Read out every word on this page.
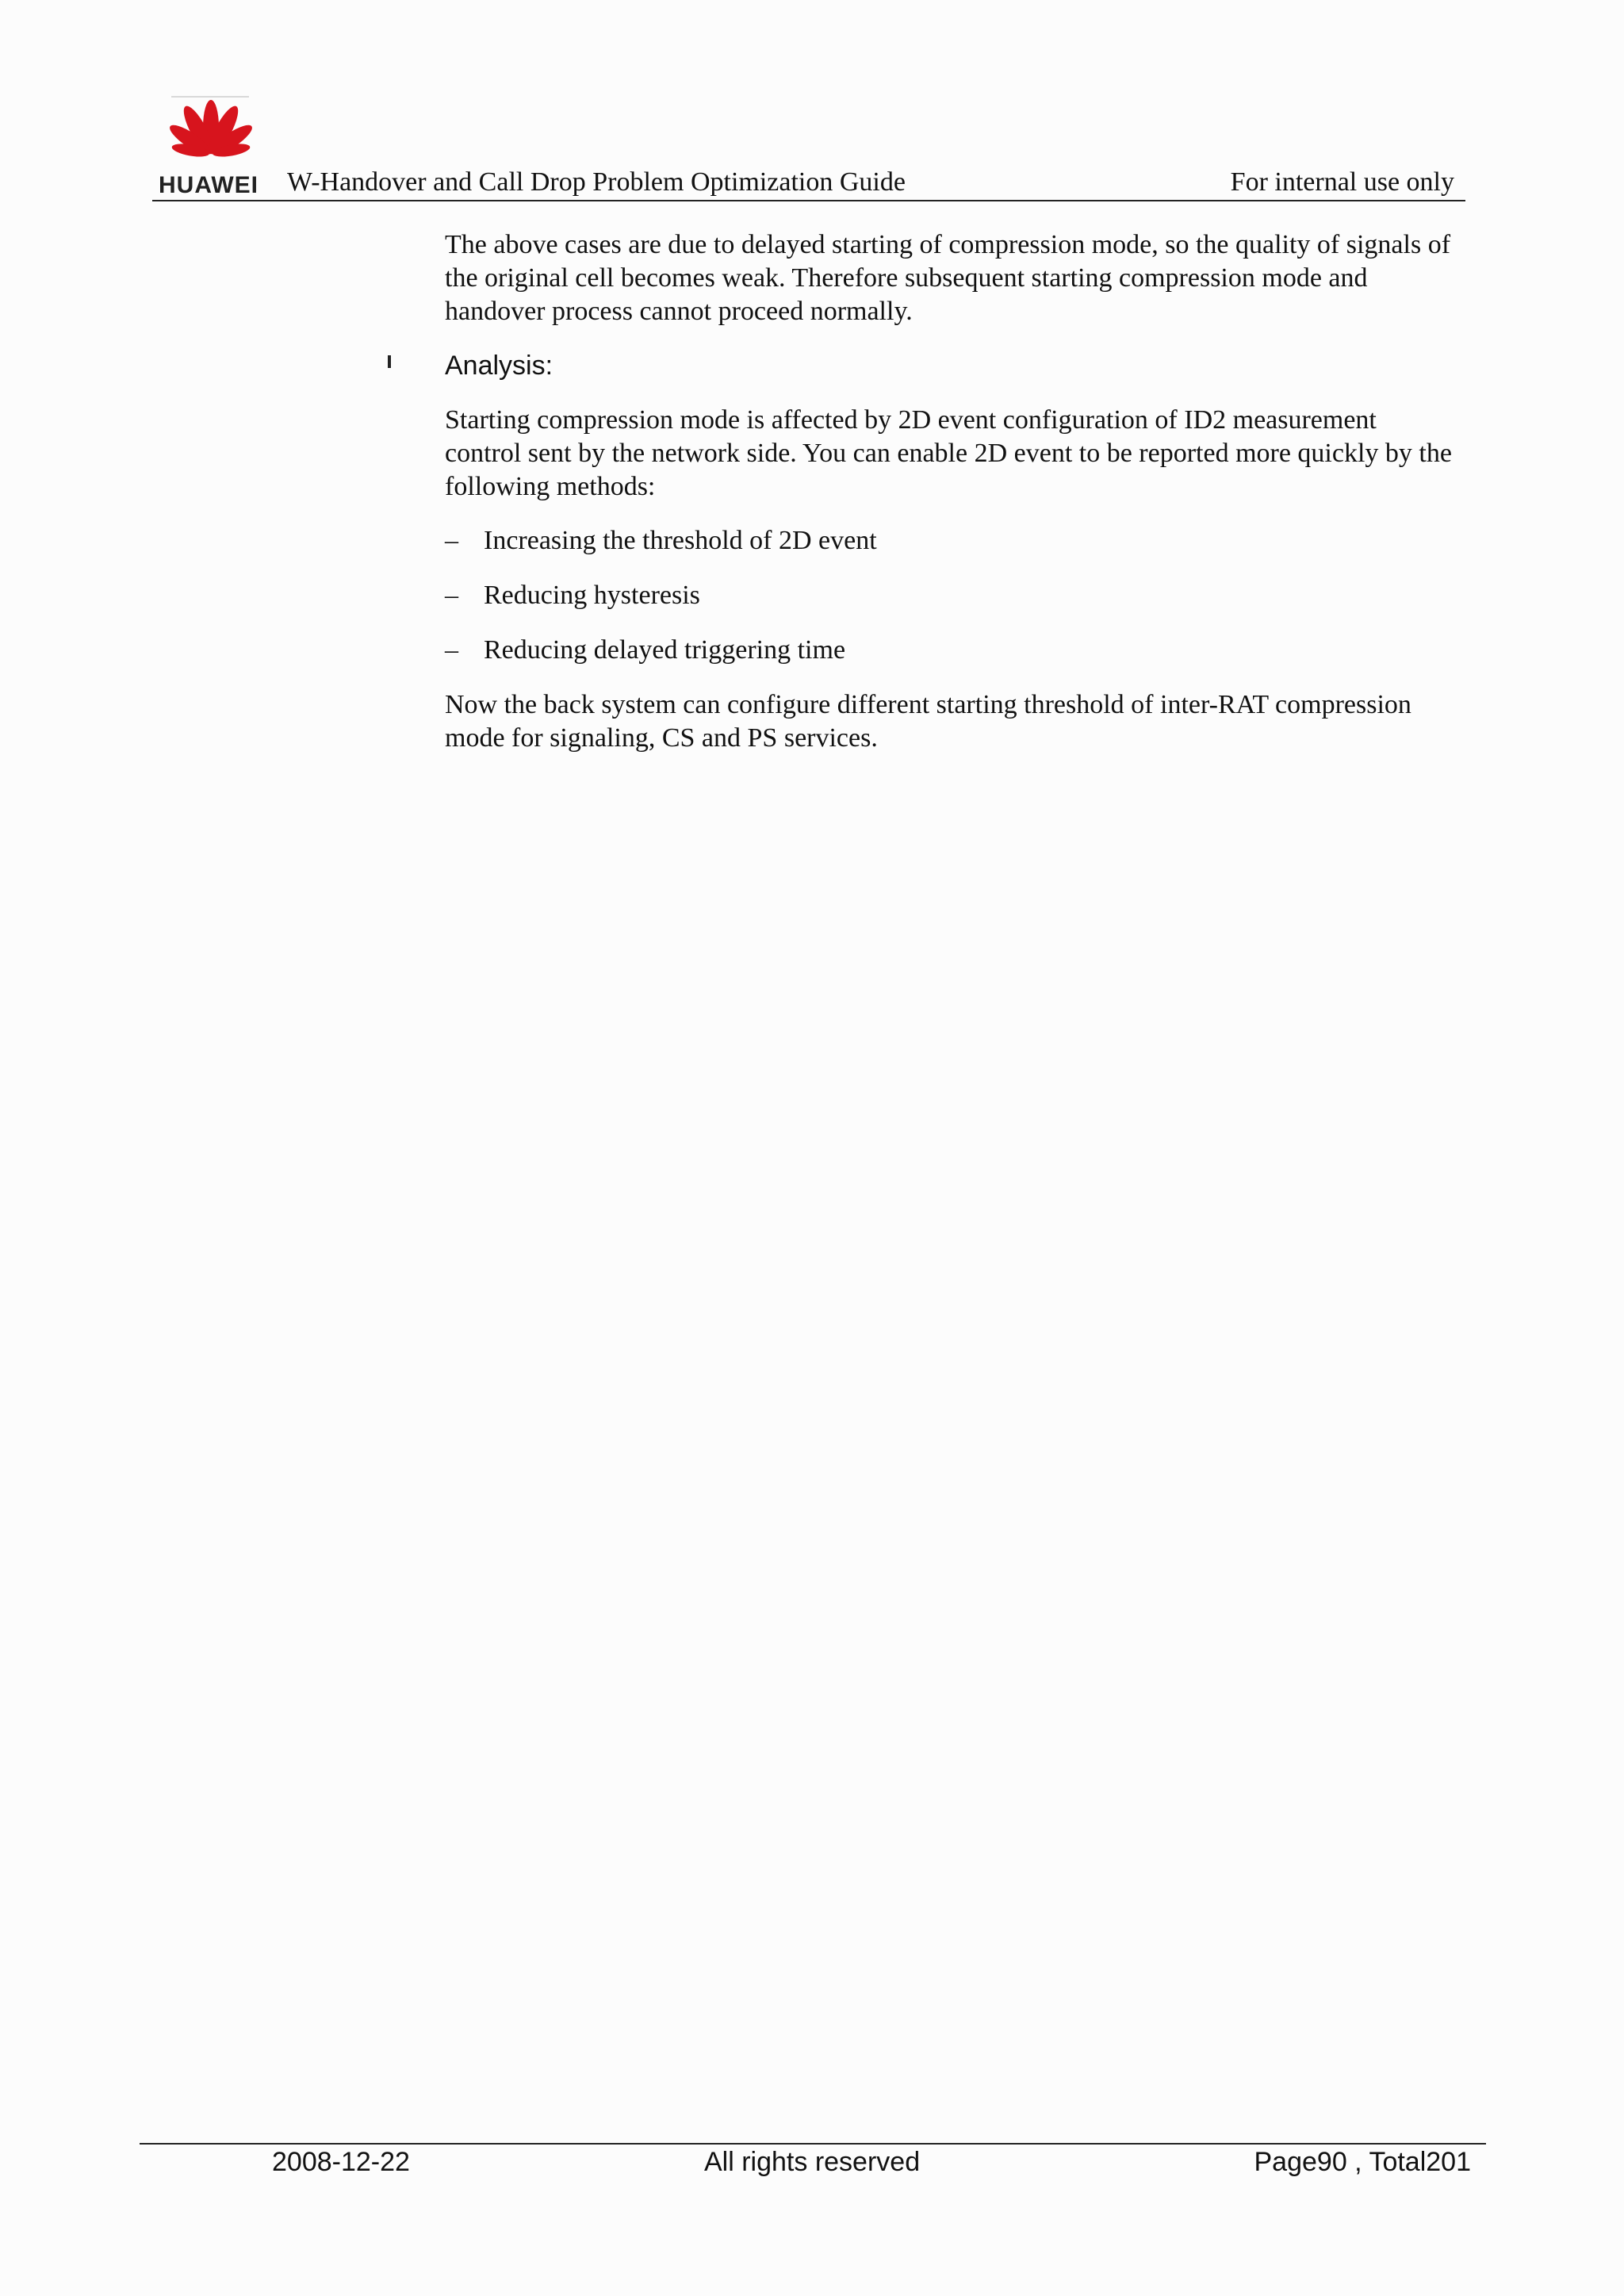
HUAWEI W-Handover and Call Drop Problem Optimization Guide	For internal use only

The above cases are due to delayed starting of compression mode, so the quality of signals of the original cell becomes weak. Therefore subsequent starting compression mode and handover process cannot proceed normally.

Analysis:

Starting compression mode is affected by 2D event configuration of ID2 measurement control sent by the network side. You can enable 2D event to be reported more quickly by the following methods:

– Increasing the threshold of 2D event
– Reducing hysteresis
– Reducing delayed triggering time

Now the back system can configure different starting threshold of inter-RAT compression mode for signaling, CS and PS services.

2008-12-22	All rights reserved	Page90 , Total201
